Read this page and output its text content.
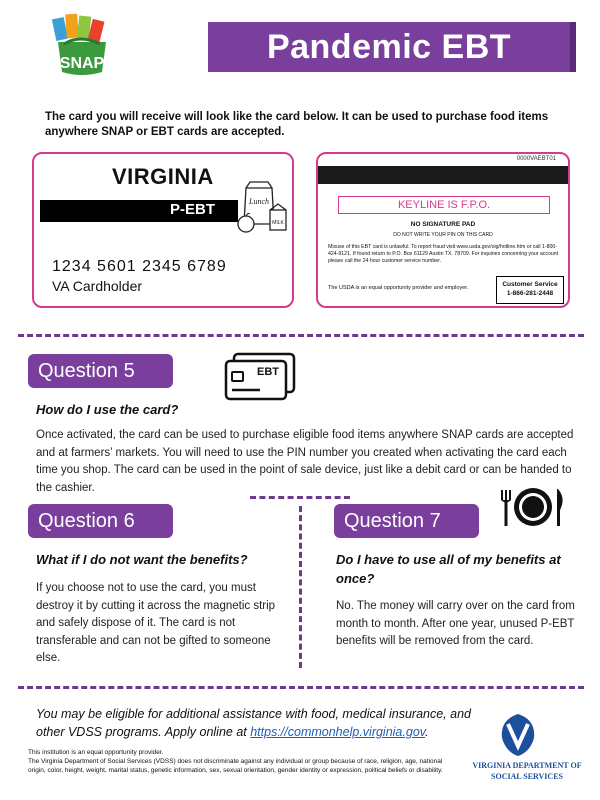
SNAP	Pandemic EBT
The card you will receive will look like the card below. It can be used to purchase food items anywhere SNAP or EBT cards are accepted.
VIRGINIA
P-EBT	Lunch
MILK
1234 5601 2345 6789
VA Cardholder
0000VAEBT01
KEYLINE IS F.P.O.
NO SIGNATURE PAD
DO NOT WRITE YOUR PIN ON THIS CARD
Misuse of this EBT card is unlawful. To report fraud visit www.usda.gov/oig/hotline.htm or call 1-800-424-9121. If found return to P.O. Box 61129 Austin TX. 78709. For inquiries concerning your account please call the 24 hour customer service number.
The USDA is an equal opportunity provider and employer.	Customer Service
1-866-281-2448
Question 5	EBT
How do I use the card?
Once activated, the card can be used to purchase eligible food items anywhere SNAP cards are accepted and at farmers’ markets. You will need to use the PIN number you created when activating the card each time you shop. The card can be used in the point of sale device, just like a debit card or can be handed to the cashier.
Question 6
What if I do not want the benefits?
If you choose not to use the card, you must destroy it by cutting it across the magnetic strip and safely dispose of it. The card is not transferable and can not be gifted to someone else.
Question 7
Do I have to use all of my benefits at once?
No. The money will carry over on the card from month to month. After one year, unused P-EBT benefits will be removed from the card.
You may be eligible for additional assistance with food, medical insurance, and other VDSS programs. Apply online at https://commonhelp.virginia.gov.
This institution is an equal opportunity provider.
The Virginia Department of Social Services (VDSS) does not discriminate against any individual or group because of race, religion, age, national origin, color, height, weight, marital status, genetic information, sex, sexual orientation, gender identity or expression, political beliefs or disability.
VIRGINIA DEPARTMENT OF
SOCIAL SERVICES
